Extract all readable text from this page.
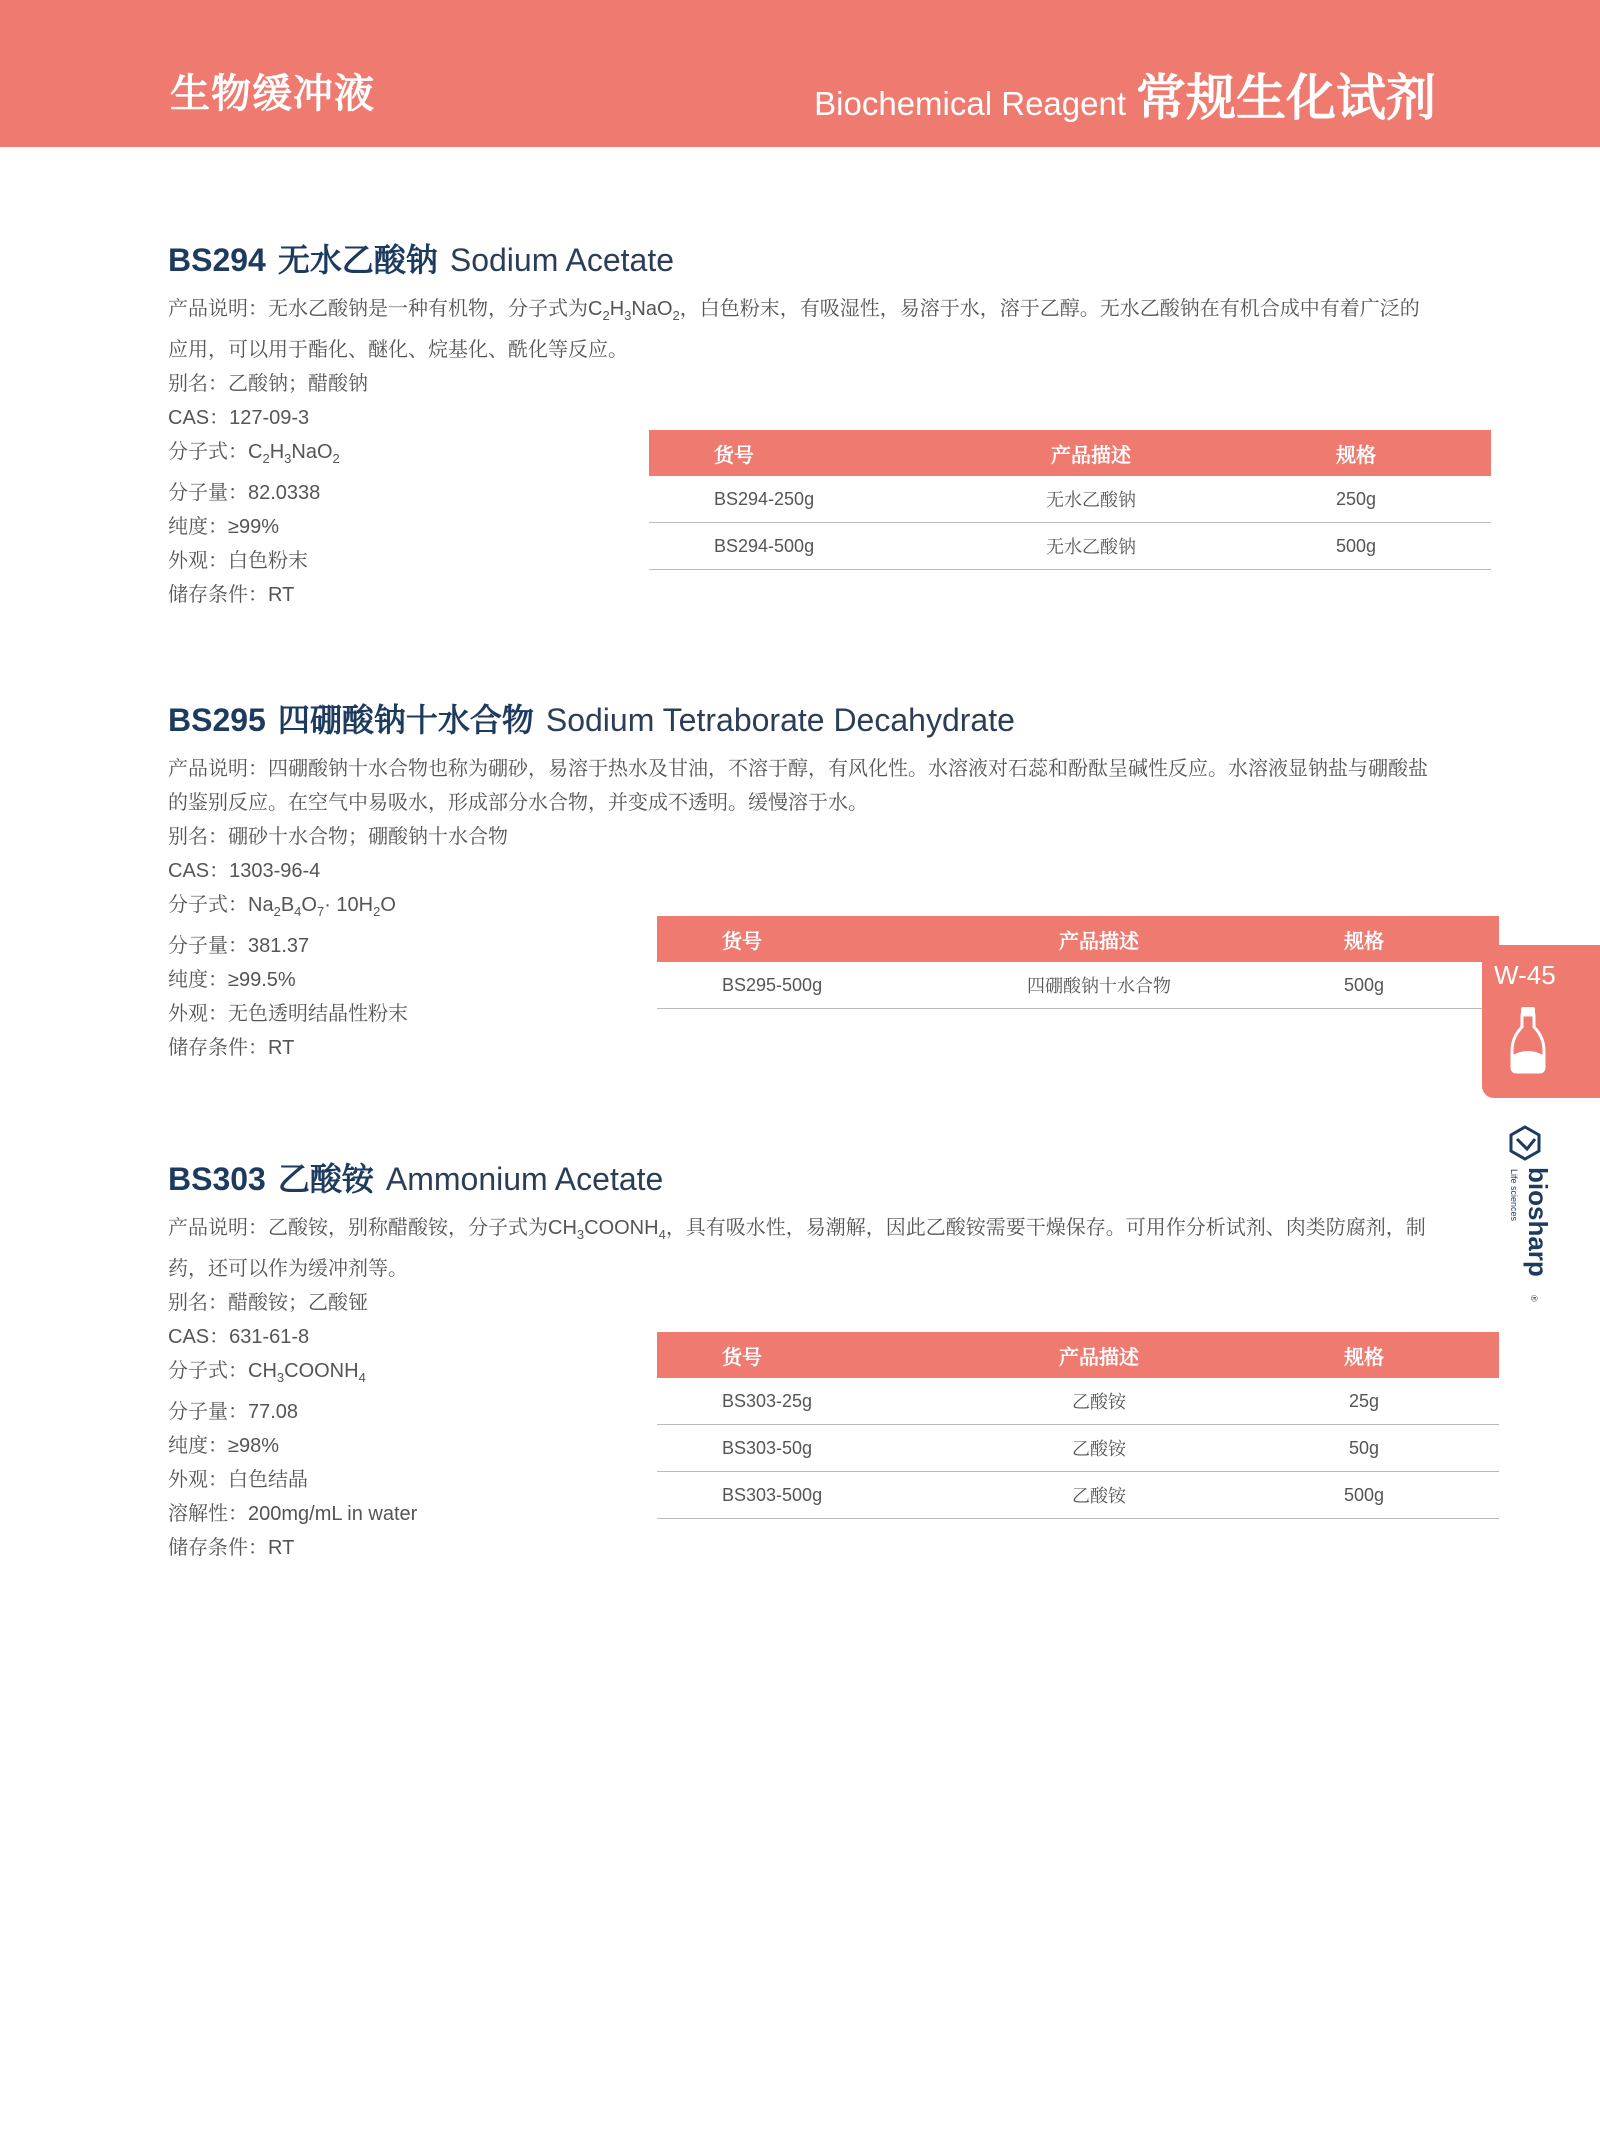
生物缓冲液	Biochemical Reagent 常规生化试剂
BS294 无水乙酸钠 Sodium Acetate
产品说明：无水乙酸钠是一种有机物，分子式为$C_2H_3NaO_2$，白色粉末，有吸湿性，易溶于水，溶于乙醇。无水乙酸钠在有机合成中有着广泛的应用，可以用于酯化、醚化、烷基化、酰化等反应。
别名：乙酸钠；醋酸钠
CAS：127-09-3
分子式：$C_2H_3NaO_2$
分子量：82.0338
纯度：≥99%
外观：白色粉末
储存条件：RT
货号	产品描述	规格
BS294-250g	无水乙酸钠	250g
BS294-500g	无水乙酸钠	500g
BS295 四硼酸钠十水合物 Sodium Tetraborate Decahydrate
产品说明：四硼酸钠十水合物也称为硼砂，易溶于热水及甘油，不溶于醇，有风化性。水溶液对石蕊和酚酞呈碱性反应。水溶液显钠盐与硼酸盐的鉴别反应。在空气中易吸水，形成部分水合物，并变成不透明。缓慢溶于水。
别名：硼砂十水合物；硼酸钠十水合物
CAS：1303-96-4
分子式：$Na_2B_4O_7\cdot 10H_2O$
分子量：381.37
纯度：≥99.5%
外观：无色透明结晶性粉末
储存条件：RT
货号	产品描述	规格
BS295-500g	四硼酸钠十水合物	500g
BS303 乙酸铵 Ammonium Acetate
产品说明：乙酸铵，别称醋酸铵，分子式为$CH_3COONH_4$，具有吸水性，易潮解，因此乙酸铵需要干燥保存。可用作分析试剂、肉类防腐剂，制药，还可以作为缓冲剂等。
别名：醋酸铵；乙酸铔
CAS：631-61-8
分子式：$CH_3COONH_4$
分子量：77.08
纯度：≥98%
外观：白色结晶
溶解性：200mg/mL in water
储存条件：RT
货号	产品描述	规格
BS303-25g	乙酸铵	25g
BS303-50g	乙酸铵	50g
BS303-500g	乙酸铵	500g
W-45
biosharp
Life sciences
®
